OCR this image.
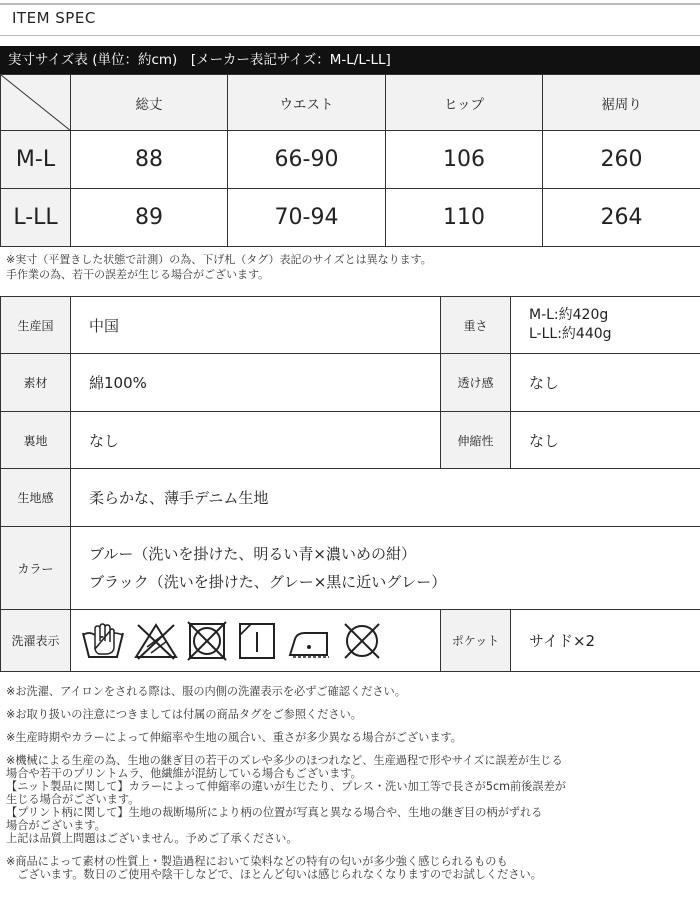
ITEM SPEC
実寸サイズ表 (単位：約cm)　[メーカー表記サイズ：M-L/L-LL]
	総丈	ウエスト	ヒップ	裾周り
M-L	88	66-90	106	260
L-LL	89	70-94	110	264
※実寸（平置きした状態で計測）の為、下げ札（タグ）表記のサイズとは異なります。
手作業の為、若干の誤差が生じる場合がございます。
生産国	中国	重さ	M-L:約420g
L-LL:約440g

素材	綿100%	透け感	なし
裏地	なし	伸縮性	なし
生地感	柔らかな、薄手デニム生地		
カラー	ブルー（洗いを掛けた、明るい青×濃いめの紺）
ブラック（洗いを掛けた、グレー×黒に近いグレー）		

洗濯表示		ポケット	サイド×2

※お洗濯、アイロンをされる際は、服の内側の洗濯表示を必ずご確認ください。

※お取り扱いの注意につきましては付属の商品タグをご参照ください。

※生産時期やカラーによって伸縮率や生地の風合い、重さが多少異なる場合がございます。

※機械による生産の為、生地の継ぎ目の若干のズレや多少のほつれなど、生産過程で形やサイズに誤差が生じる

場合や若干のプリントムラ、他繊維が混紡している場合もございます。

【ニット製品に関して】カラーによって伸縮率の違いが生じたり、プレス・洗い加工等で長さが5cm前後誤差が

生じる場合がございます。

【プリント柄に関して】生地の裁断場所により柄の位置が写真と異なる場合や、生地の継ぎ目の柄がずれる

場合がございます。

上記は品質上問題はございません。予めご了承ください。

※商品によって素材の性質上・製造過程において染料などの特有の匂いが多少強く感じられるものも

　ございます。数日のご使用や陰干しなどで、ほとんど匂いは感じられなくなりますのでお試しください。
